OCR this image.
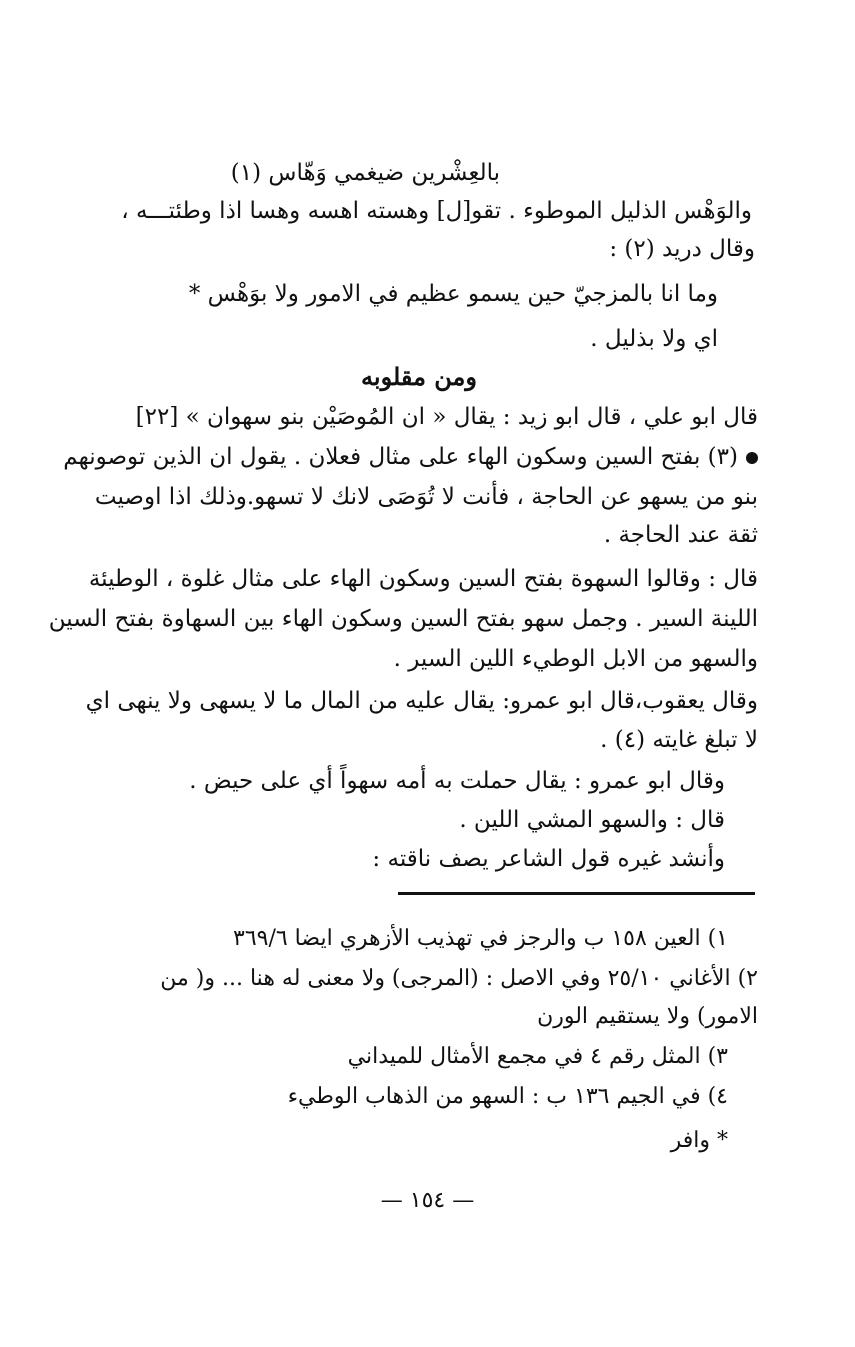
بالعِشْرين ضيغمي وَهّاس (١)
والوَهْس الذليل الموطوء . تقو[ل] وهسته اهسه وهسا اذا وطئتـــه ،
وقال دريد (٢) :
وما انا بالمزجيّ حين يسمو عظيم في الامور ولا بوَهْس *
اي ولا بذليل .
ومن مقلوبه
قال ابو علي ، قال ابو زيد : يقال « ان المُوصَيْن بنو سهوان » [٢٢]
(٣) بفتح السين وسكون الهاء على مثال فعلان . يقول ان الذين توصونهم
بنو من يسهو عن الحاجة ، فأنت لا تُوَصَى لانك لا تسهو.وذلك اذا اوصيت
ثقة عند الحاجة .
قال : وقالوا السهوة بفتح السين وسكون الهاء على مثال غلوة ، الوطيئة
اللينة السير . وجمل سهو بفتح السين وسكون الهاء بين السهاوة بفتح السين
والسهو من الابل الوطيء اللين السير .
وقال يعقوب،قال ابو عمرو: يقال عليه من المال ما لا يسهى ولا ينهى اي
لا تبلغ غايته (٤) .
وقال ابو عمرو : يقال حملت به أمه سهواً أي على حيض .
قال : والسهو المشي اللين .
وأنشد غيره قول الشاعر يصف ناقته :
١) العين ١٥٨ ب والرجز في تهذيب الأزهري ايضا ٣٦٩/٦
٢) الأغاني ٢٥/١٠ وفي الاصل : (المرجى) ولا معنى له هنا ... و( من
الامور) ولا يستقيم الورن
٣) المثل رقم ٤ في مجمع الأمثال للميداني
٤) في الجيم ١٣٦ ب : السهو من الذهاب الوطيء
* وافر
— ١٥٤ —
